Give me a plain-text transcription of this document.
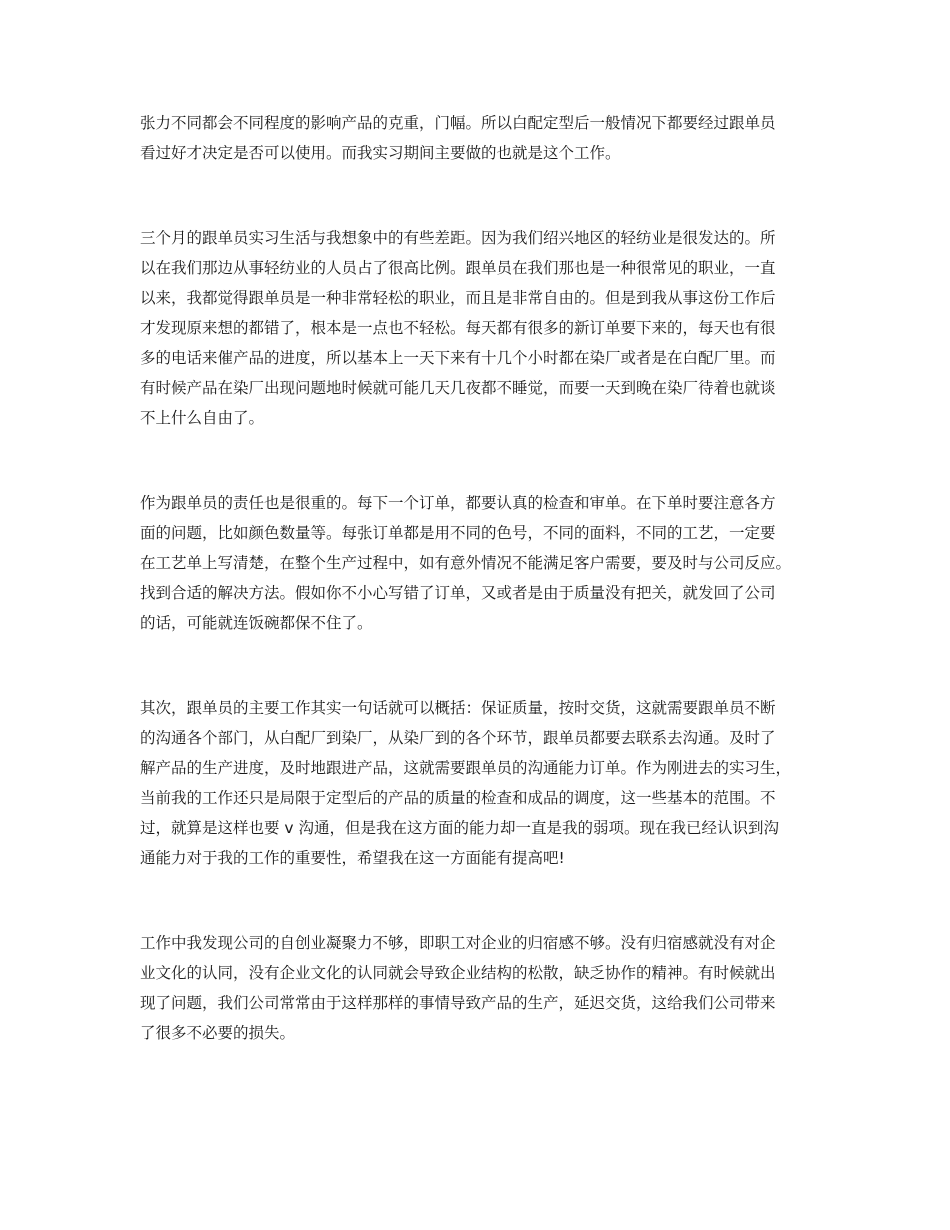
张力不同都会不同程度的影响产品的克重，门幅。所以白配定型后一般情况下都要经过跟单员
看过好才决定是否可以使用。而我实习期间主要做的也就是这个工作。

三个月的跟单员实习生活与我想象中的有些差距。因为我们绍兴地区的轻纺业是很发达的。所
以在我们那边从事轻纺业的人员占了很高比例。跟单员在我们那也是一种很常见的职业，一直
以来，我都觉得跟单员是一种非常轻松的职业，而且是非常自由的。但是到我从事这份工作后
才发现原来想的都错了，根本是一点也不轻松。每天都有很多的新订单要下来的，每天也有很
多的电话来催产品的进度，所以基本上一天下来有十几个小时都在染厂或者是在白配厂里。而
有时候产品在染厂出现问题地时候就可能几天几夜都不睡觉，而要一天到晚在染厂待着也就谈
不上什么自由了。

作为跟单员的责任也是很重的。每下一个订单，都要认真的检查和审单。在下单时要注意各方
面的问题，比如颜色数量等。每张订单都是用不同的色号，不同的面料，不同的工艺，一定要
在工艺单上写清楚，在整个生产过程中，如有意外情况不能满足客户需要，要及时与公司反应。
找到合适的解决方法。假如你不小心写错了订单，又或者是由于质量没有把关，就发回了公司
的话，可能就连饭碗都保不住了。

其次，跟单员的主要工作其实一句话就可以概括：保证质量，按时交货，这就需要跟单员不断
的沟通各个部门，从白配厂到染厂，从染厂到的各个环节，跟单员都要去联系去沟通。及时了
解产品的生产进度，及时地跟进产品，这就需要跟单员的沟通能力订单。作为刚进去的实习生，
当前我的工作还只是局限于定型后的产品的质量的检查和成品的调度，这一些基本的范围。不
过，就算是这样也要 v 沟通，但是我在这方面的能力却一直是我的弱项。现在我已经认识到沟
通能力对于我的工作的重要性，希望我在这一方面能有提高吧!

工作中我发现公司的自创业凝聚力不够，即职工对企业的归宿感不够。没有归宿感就没有对企
业文化的认同，没有企业文化的认同就会导致企业结构的松散，缺乏协作的精神。有时候就出
现了问题，我们公司常常由于这样那样的事情导致产品的生产，延迟交货，这给我们公司带来
了很多不必要的损失。
